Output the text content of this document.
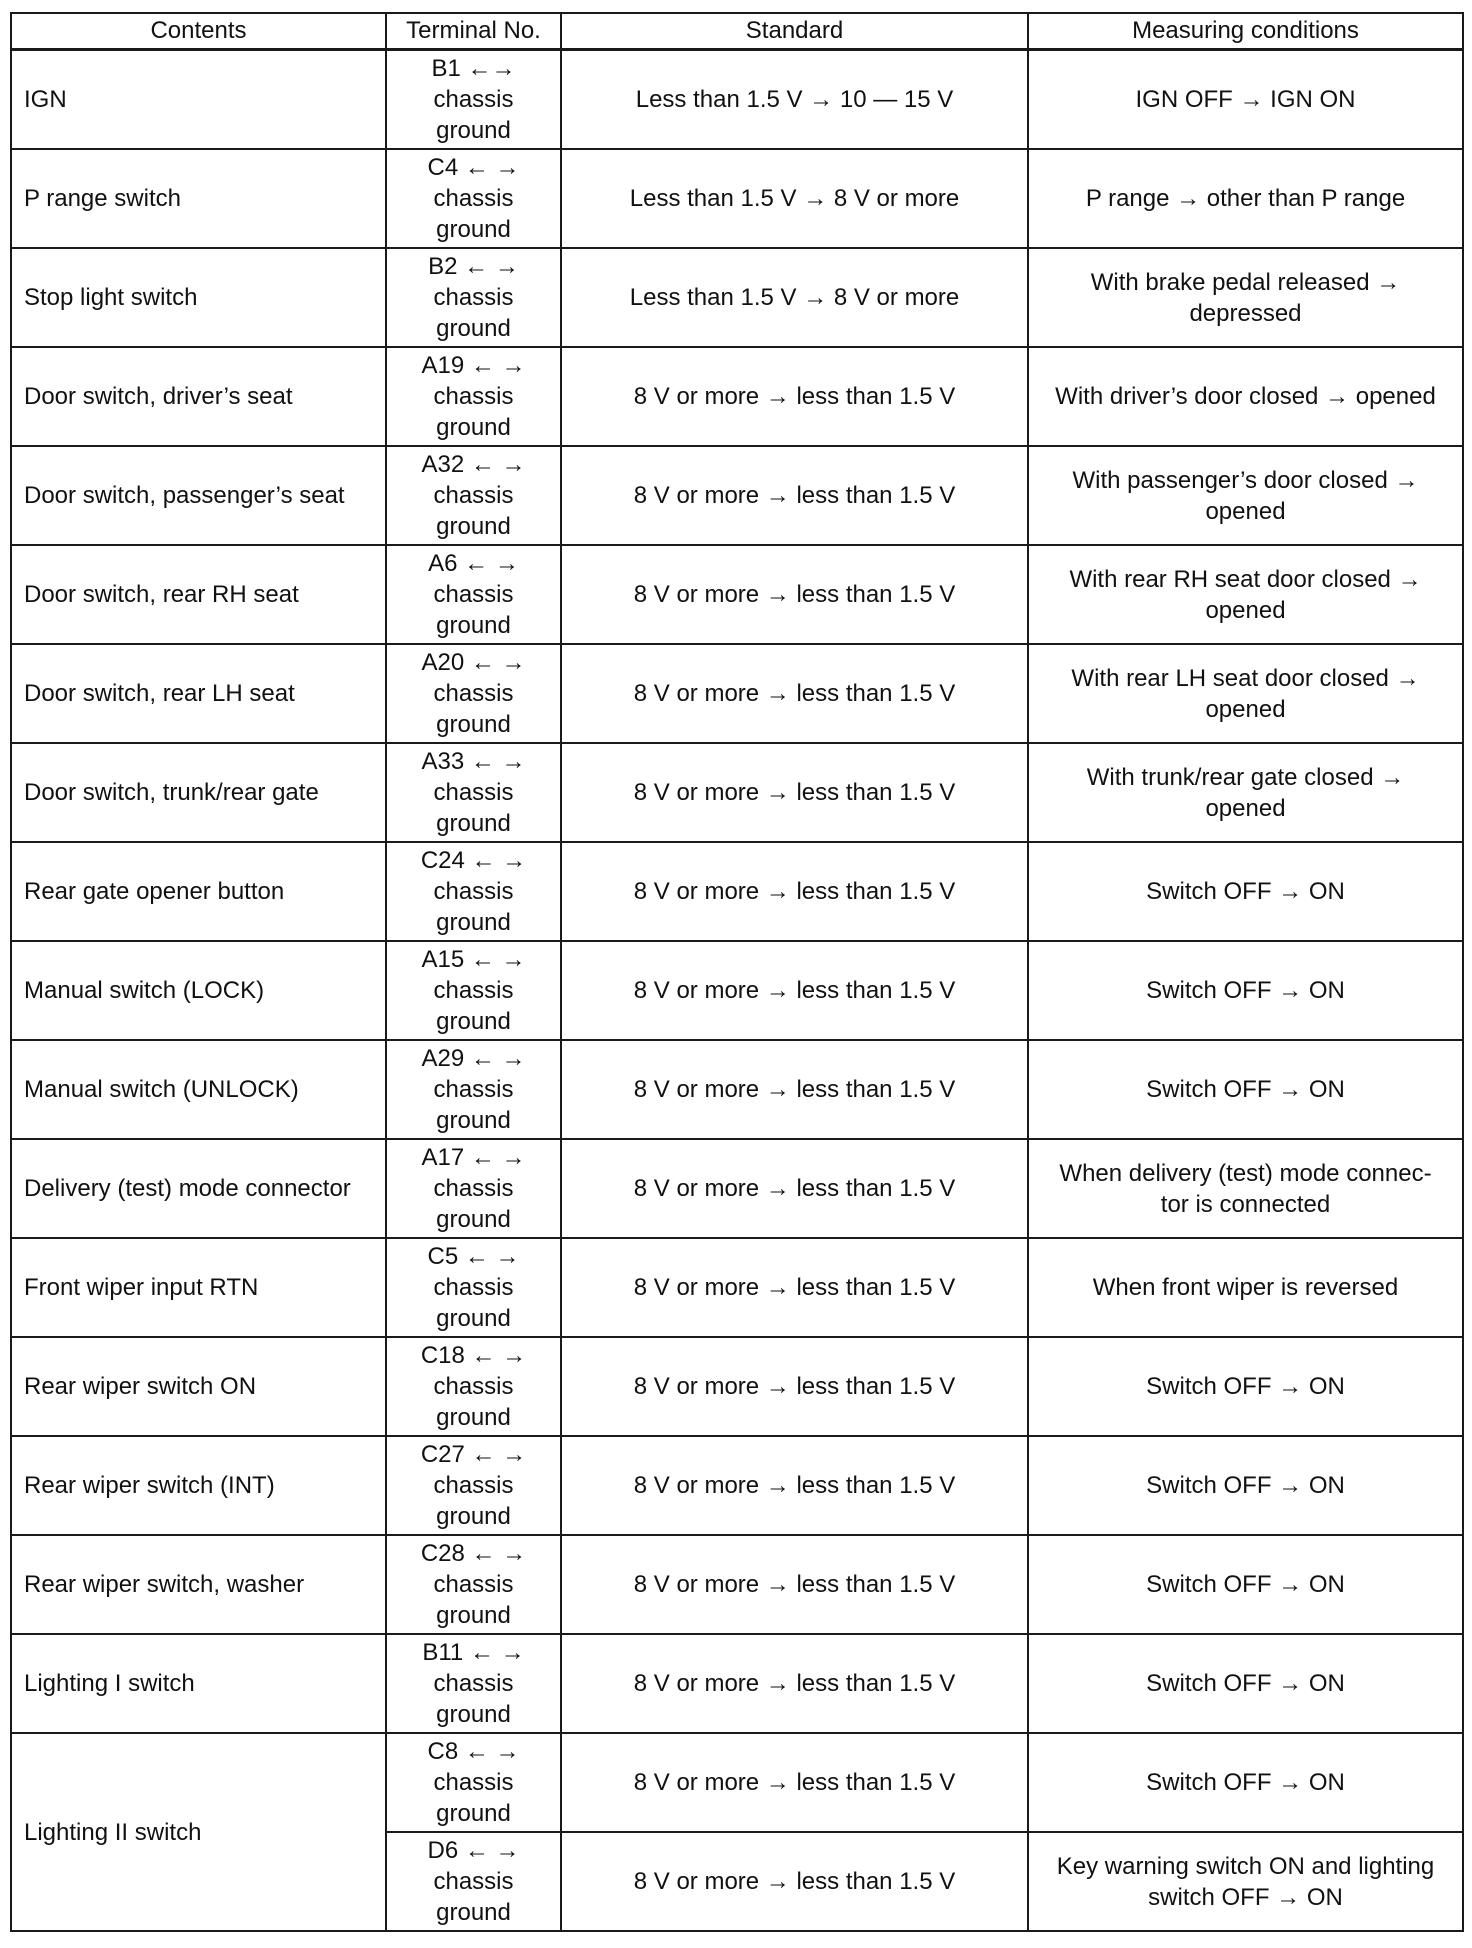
Contents	Terminal No.	Standard	Measuring conditions
IGN	B1 ←→
chassis
ground	Less than 1.5 V → 10 — 15 V	IGN OFF → IGN ON

P range switch	C4 ← →
chassis
ground	Less than 1.5 V → 8 V or more	P range → other than P range

Stop light switch	B2 ← →
chassis
ground	Less than 1.5 V → 8 V or more	With brake pedal released →
depressed

Door switch, driver’s seat	A19 ← →
chassis
ground	8 V or more → less than 1.5 V	With driver’s door closed → opened

Door switch, passenger’s seat	A32 ← →
chassis
ground	8 V or more → less than 1.5 V	With passenger’s door closed →
opened

Door switch, rear RH seat	A6 ← →
chassis
ground	8 V or more → less than 1.5 V	With rear RH seat door closed →
opened

Door switch, rear LH seat	A20 ← →
chassis
ground	8 V or more → less than 1.5 V	With rear LH seat door closed →
opened

Door switch, trunk/rear gate	A33 ← →
chassis
ground	8 V or more → less than 1.5 V	With trunk/rear gate closed →
opened

Rear gate opener button	C24 ← →
chassis
ground	8 V or more → less than 1.5 V	Switch OFF → ON

Manual switch (LOCK)	A15 ← →
chassis
ground	8 V or more → less than 1.5 V	Switch OFF → ON

Manual switch (UNLOCK)	A29 ← →
chassis
ground	8 V or more → less than 1.5 V	Switch OFF → ON

Delivery (test) mode connector	A17 ← →
chassis
ground	8 V or more → less than 1.5 V	When delivery (test) mode connec-
tor is connected

Front wiper input RTN	C5 ← →
chassis
ground	8 V or more → less than 1.5 V	When front wiper is reversed

Rear wiper switch ON	C18 ← →
chassis
ground	8 V or more → less than 1.5 V	Switch OFF → ON

Rear wiper switch (INT)	C27 ← →
chassis
ground	8 V or more → less than 1.5 V	Switch OFF → ON

Rear wiper switch, washer	C28 ← →
chassis
ground	8 V or more → less than 1.5 V	Switch OFF → ON

Lighting I switch	B11 ← →
chassis
ground	8 V or more → less than 1.5 V	Switch OFF → ON

Lighting II switch	C8 ← →
chassis
ground	8 V or more → less than 1.5 V	Switch OFF → ON

	D6 ← →
chassis
ground	8 V or more → less than 1.5 V	Key warning switch ON and lighting
switch OFF → ON
